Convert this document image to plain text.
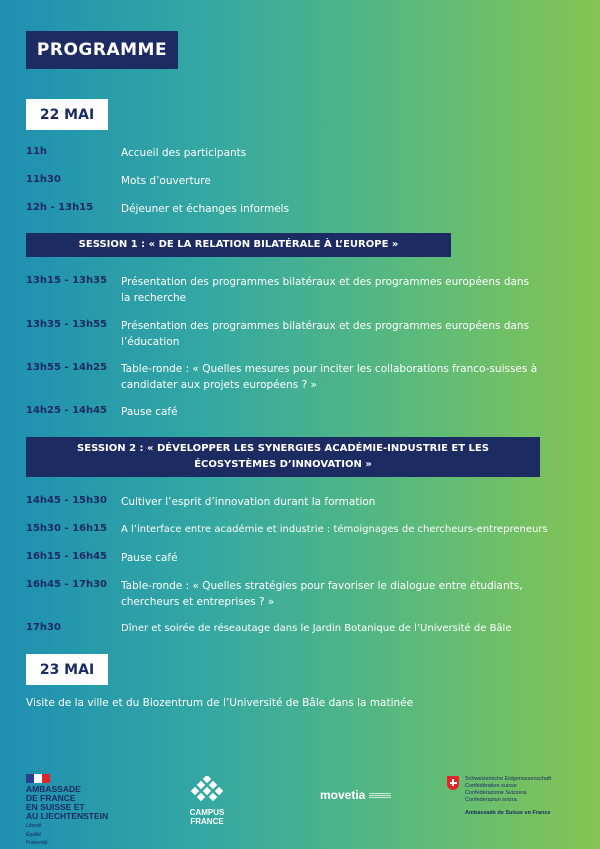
PROGRAMME
22 MAI
11h	Accueil des participants
11h30	Mots d’ouverture
12h - 13h15	Déjeuner et échanges informels
SESSION 1 : « DE LA RELATION BILATÉRALE À L’EUROPE »
13h15 - 13h35	Présentation des programmes bilatéraux et des programmes européens dans la recherche
13h35 - 13h55	Présentation des programmes bilatéraux et des programmes européens dans l’éducation
13h55 - 14h25	Table-ronde : « Quelles mesures pour inciter les collaborations franco-suisses à candidater aux projets européens ? »
14h25 - 14h45	Pause café
SESSION 2 : « DÉVELOPPER LES SYNERGIES ACADÉMIE-INDUSTRIE ET LES
ÉCOSYSTÈMES D’INNOVATION »
14h45 - 15h30	Cultiver l’esprit d’innovation durant la formation
15h30 - 16h15	A l’interface entre académie et industrie : témoignages de chercheurs-entrepreneurs
16h15 - 16h45	Pause café
16h45 - 17h30	Table-ronde : « Quelles stratégies pour favoriser le dialogue entre étudiants, chercheurs et entreprises ? »
17h30	Dîner et soirée de réseautage dans le Jardin Botanique de l’Université de Bâle
23 MAI
Visite de la ville et du Biozentrum de l’Université de Bâle dans la matinée
AMBASSADE
DE FRANCE
EN SUISSE ET
AU LIECHTENSTEIN
Liberté
Égalité
Fraternité
CAMPUS
FRANCE
movetia
Schweizerische Eidgenossenschaft
Confédération suisse
Confederazione Svizzera
Confederaziun svizra
Ambassade de Suisse en France
